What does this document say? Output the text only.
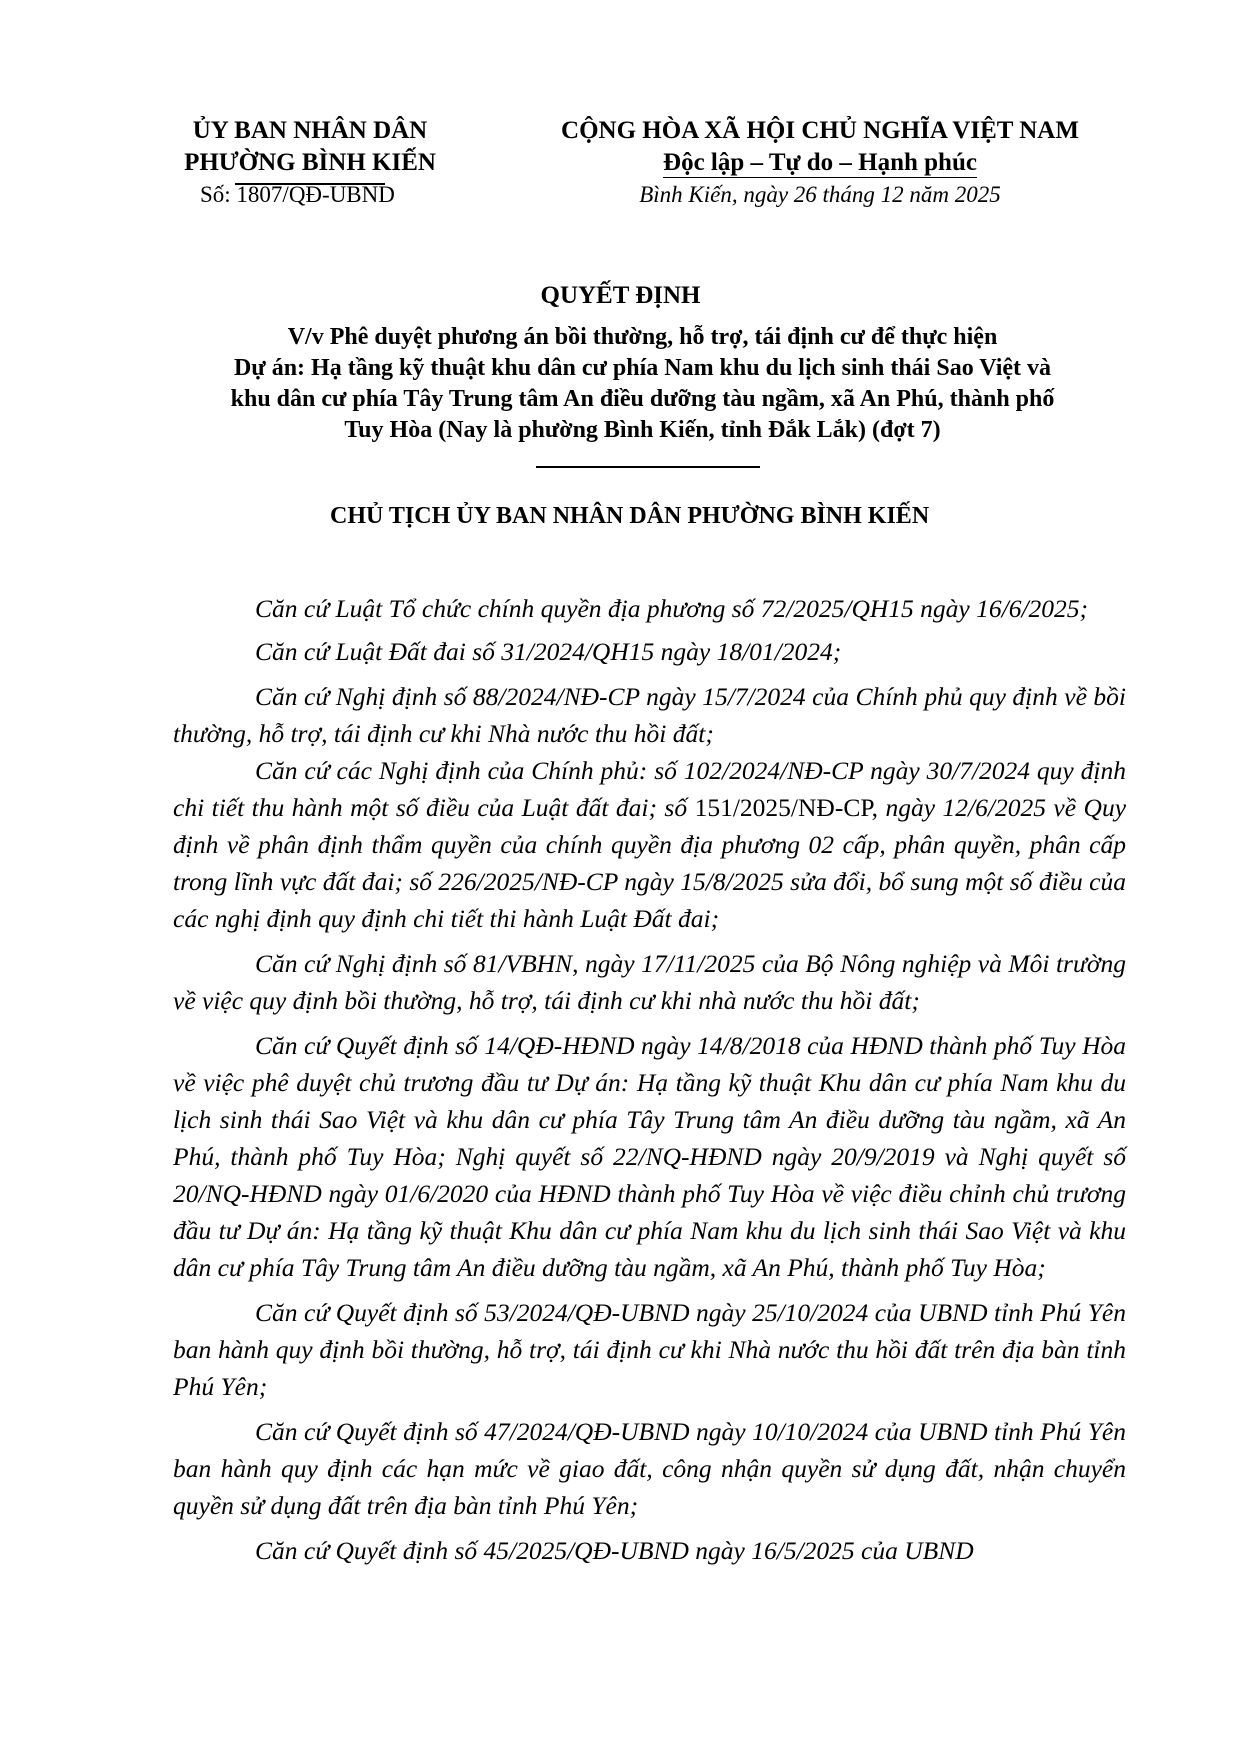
ỦY BAN NHÂN DÂN
PHƯỜNG BÌNH KIẾN
Số: 1807/QĐ-UBND
CỘNG HÒA XÃ HỘI CHỦ NGHĨA VIỆT NAM
Độc lập – Tự do – Hạnh phúc
Bình Kiến, ngày 26 tháng 12 năm 2025
QUYẾT ĐỊNH
V/v Phê duyệt phương án bồi thường, hỗ trợ, tái định cư để thực hiện
Dự án: Hạ tầng kỹ thuật khu dân cư phía Nam khu du lịch sinh thái Sao Việt và
khu dân cư phía Tây Trung tâm An điều dưỡng tàu ngầm, xã An Phú, thành phố
Tuy Hòa (Nay là phường Bình Kiến, tỉnh Đắk Lắk) (đợt 7)
CHỦ TỊCH ỦY BAN NHÂN DÂN PHƯỜNG BÌNH KIẾN

Căn cứ Luật Tổ chức chính quyền địa phương số 72/2025/QH15 ngày 16/6/2025;

Căn cứ Luật Đất đai số 31/2024/QH15 ngày 18/01/2024;

Căn cứ Nghị định số 88/2024/NĐ-CP ngày 15/7/2024 của Chính phủ quy định về bồi thường, hỗ trợ, tái định cư khi Nhà nước thu hồi đất;

Căn cứ các Nghị định của Chính phủ: số 102/2024/NĐ-CP ngày 30/7/2024 quy định chi tiết thu hành một số điều của Luật đất đai; số 151/2025/NĐ-CP, ngày 12/6/2025 về Quy định về phân định thẩm quyền của chính quyền địa phương 02 cấp, phân quyền, phân cấp trong lĩnh vực đất đai; số 226/2025/NĐ-CP ngày 15/8/2025 sửa đổi, bổ sung một số điều của các nghị định quy định chi tiết thi hành Luật Đất đai;

Căn cứ Nghị định số 81/VBHN, ngày 17/11/2025 của Bộ Nông nghiệp và Môi trường về việc quy định bồi thường, hỗ trợ, tái định cư khi nhà nước thu hồi đất;

Căn cứ Quyết định số 14/QĐ-HĐND ngày 14/8/2018 của HĐND thành phố Tuy Hòa về việc phê duyệt chủ trương đầu tư Dự án: Hạ tầng kỹ thuật Khu dân cư phía Nam khu du lịch sinh thái Sao Việt và khu dân cư phía Tây Trung tâm An điều dưỡng tàu ngầm, xã An Phú, thành phố Tuy Hòa; Nghị quyết số 22/NQ-HĐND ngày 20/9/2019 và Nghị quyết số 20/NQ-HĐND ngày 01/6/2020 của HĐND thành phố Tuy Hòa về việc điều chỉnh chủ trương đầu tư Dự án: Hạ tầng kỹ thuật Khu dân cư phía Nam khu du lịch sinh thái Sao Việt và khu dân cư phía Tây Trung tâm An điều dưỡng tàu ngầm, xã An Phú, thành phố Tuy Hòa;

Căn cứ Quyết định số 53/2024/QĐ-UBND ngày 25/10/2024 của UBND tỉnh Phú Yên ban hành quy định bồi thường, hỗ trợ, tái định cư khi Nhà nước thu hồi đất trên địa bàn tỉnh Phú Yên;

Căn cứ Quyết định số 47/2024/QĐ-UBND ngày 10/10/2024 của UBND tỉnh Phú Yên ban hành quy định các hạn mức về giao đất, công nhận quyền sử dụng đất, nhận chuyển quyền sử dụng đất trên địa bàn tỉnh Phú Yên;

Căn cứ Quyết định số 45/2025/QĐ-UBND ngày 16/5/2025 của UBND
